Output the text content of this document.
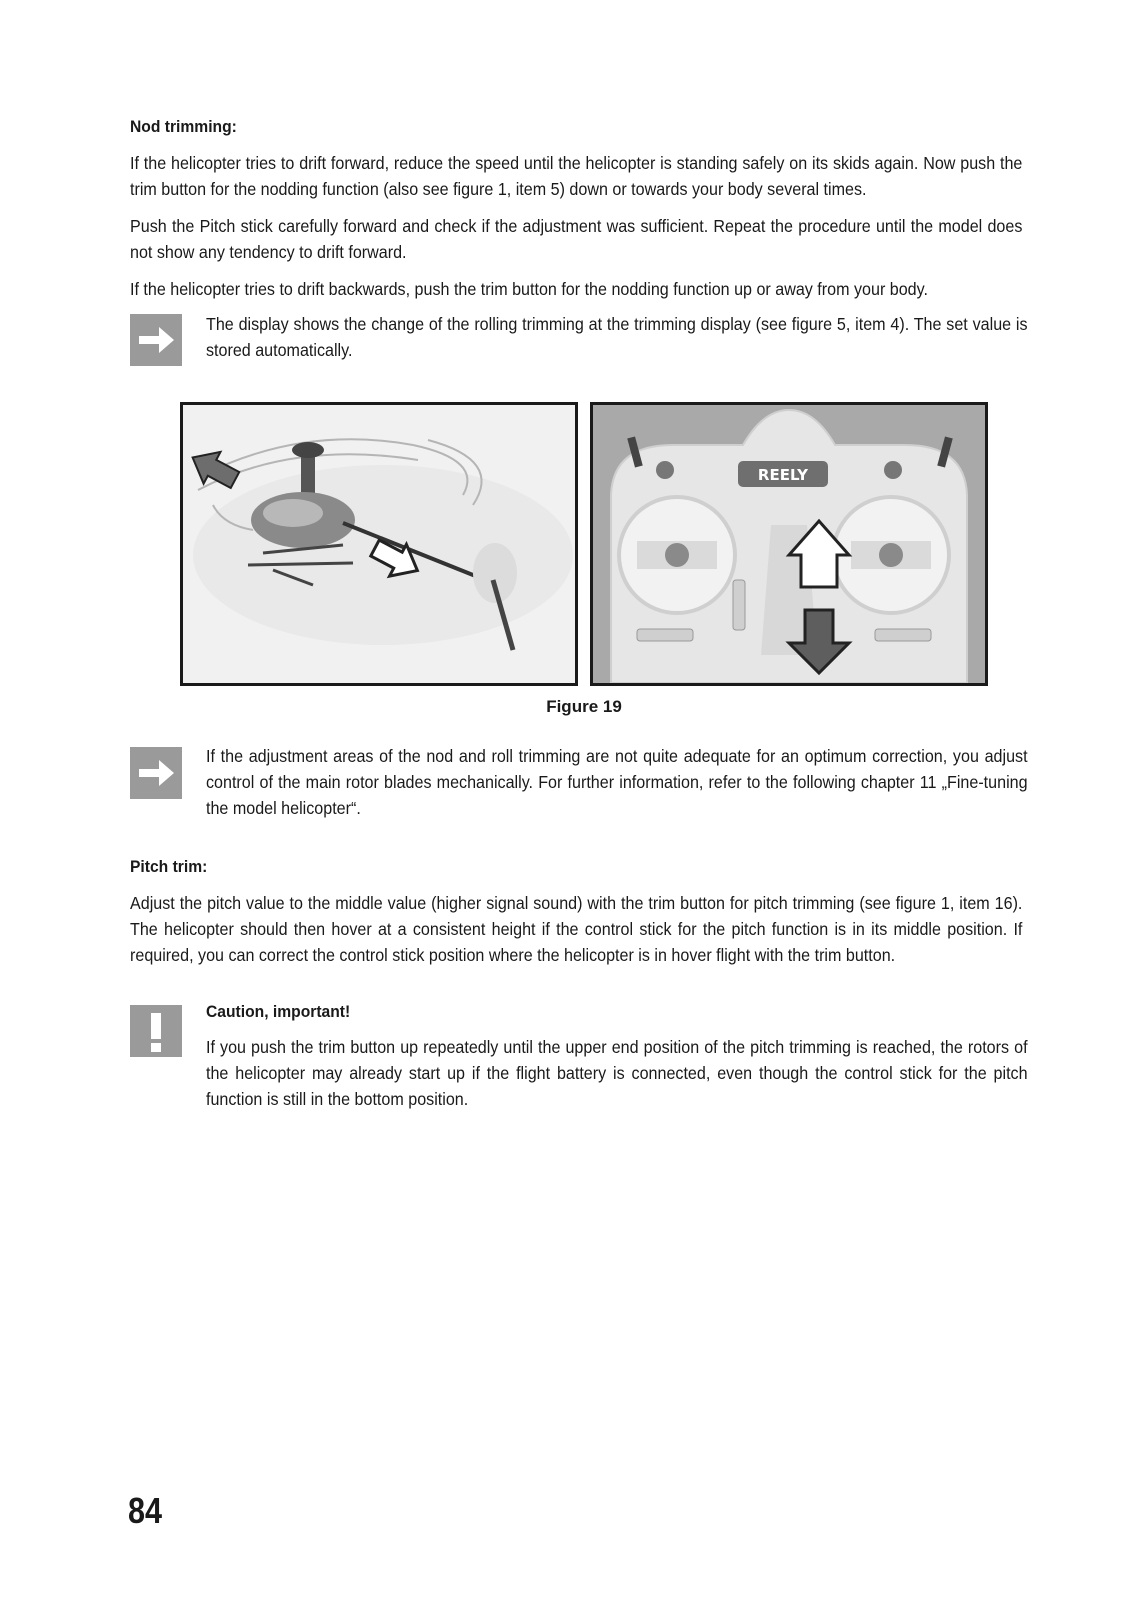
Nod trimming:
If the helicopter tries to drift forward, reduce the speed until the helicopter is standing safely on its skids again. Now push the trim button for the nodding function (also see figure 1, item 5) down or towards your body several times.
Push the Pitch stick carefully forward and check if the adjustment was sufficient. Repeat the procedure until the model does not show any tendency to drift forward.
If the helicopter tries to drift backwards, push the trim button for the nodding function up or away from your body.
The display shows the change of the rolling trimming at the trimming display (see figure 5, item 4). The set value is stored automatically.
REELY
Figure 19
If the adjustment areas of the nod and roll trimming are not quite adequate for an optimum correction, you adjust control of the main rotor blades mechanically. For further information, refer to the following chapter 11 „Fine-tuning the model helicopter“.
Pitch trim:
Adjust the pitch value to the middle value (higher signal sound) with the trim button for pitch trimming (see figure 1, item 16). The helicopter should then hover at a consistent height if the control stick for the pitch function is in its middle position. If required, you can correct the control stick position where the helicopter is in hover flight with the trim button.
Caution, important!
If you push the trim button up repeatedly until the upper end position of the pitch trimming is reached, the rotors of the helicopter may already start up if the flight battery is connected, even though the control stick for the pitch function is still in the bottom position.
84
